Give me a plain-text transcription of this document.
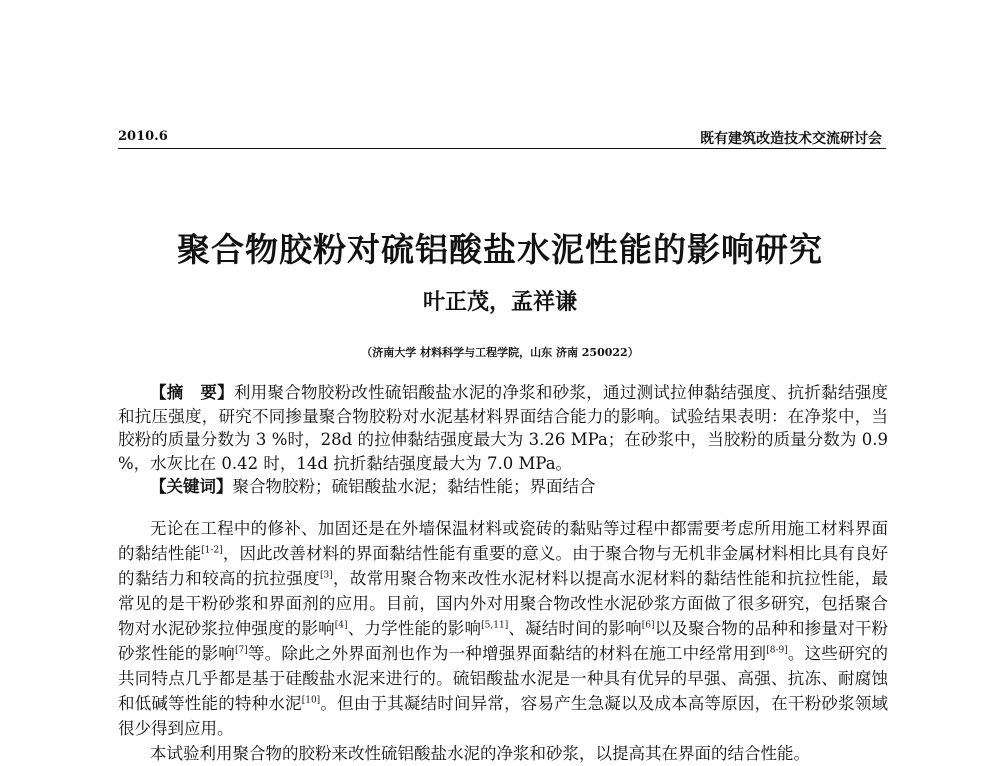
2010.6	既有建筑改造技术交流研讨会
聚合物胶粉对硫铝酸盐水泥性能的影响研究
叶正茂，孟祥谦
（济南大学 材料科学与工程学院，山东 济南 250022）

【摘　要】利用聚合物胶粉改性硫铝酸盐水泥的净浆和砂浆，通过测试拉伸黏结强度、抗折黏结强度和抗压强度，研究不同掺量聚合物胶粉对水泥基材料界面结合能力的影响。试验结果表明：在净浆中，当胶粉的质量分数为 3 %时，28d 的拉伸黏结强度最大为 3.26 MPa；在砂浆中，当胶粉的质量分数为 0.9 %，水灰比在 0.42 时，14d 抗折黏结强度最大为 7.0 MPa。

【关键词】聚合物胶粉；硫铝酸盐水泥；黏结性能；界面结合

无论在工程中的修补、加固还是在外墙保温材料或瓷砖的黏贴等过程中都需要考虑所用施工材料界面的黏结性能[1-2]，因此改善材料的界面黏结性能有重要的意义。由于聚合物与无机非金属材料相比具有良好的黏结力和较高的抗拉强度[3]，故常用聚合物来改性水泥材料以提高水泥材料的黏结性能和抗拉性能，最常见的是干粉砂浆和界面剂的应用。目前，国内外对用聚合物改性水泥砂浆方面做了很多研究，包括聚合物对水泥砂浆拉伸强度的影响[4]、力学性能的影响[5,11]、凝结时间的影响[6]以及聚合物的品种和掺量对干粉砂浆性能的影响[7]等。除此之外界面剂也作为一种增强界面黏结的材料在施工中经常用到[8-9]。这些研究的共同特点几乎都是基于硅酸盐水泥来进行的。硫铝酸盐水泥是一种具有优异的早强、高强、抗冻、耐腐蚀和低碱等性能的特种水泥[10]。但由于其凝结时间异常，容易产生急凝以及成本高等原因，在干粉砂浆领域很少得到应用。

本试验利用聚合物的胶粉来改性硫铝酸盐水泥的净浆和砂浆，以提高其在界面的结合性能。
